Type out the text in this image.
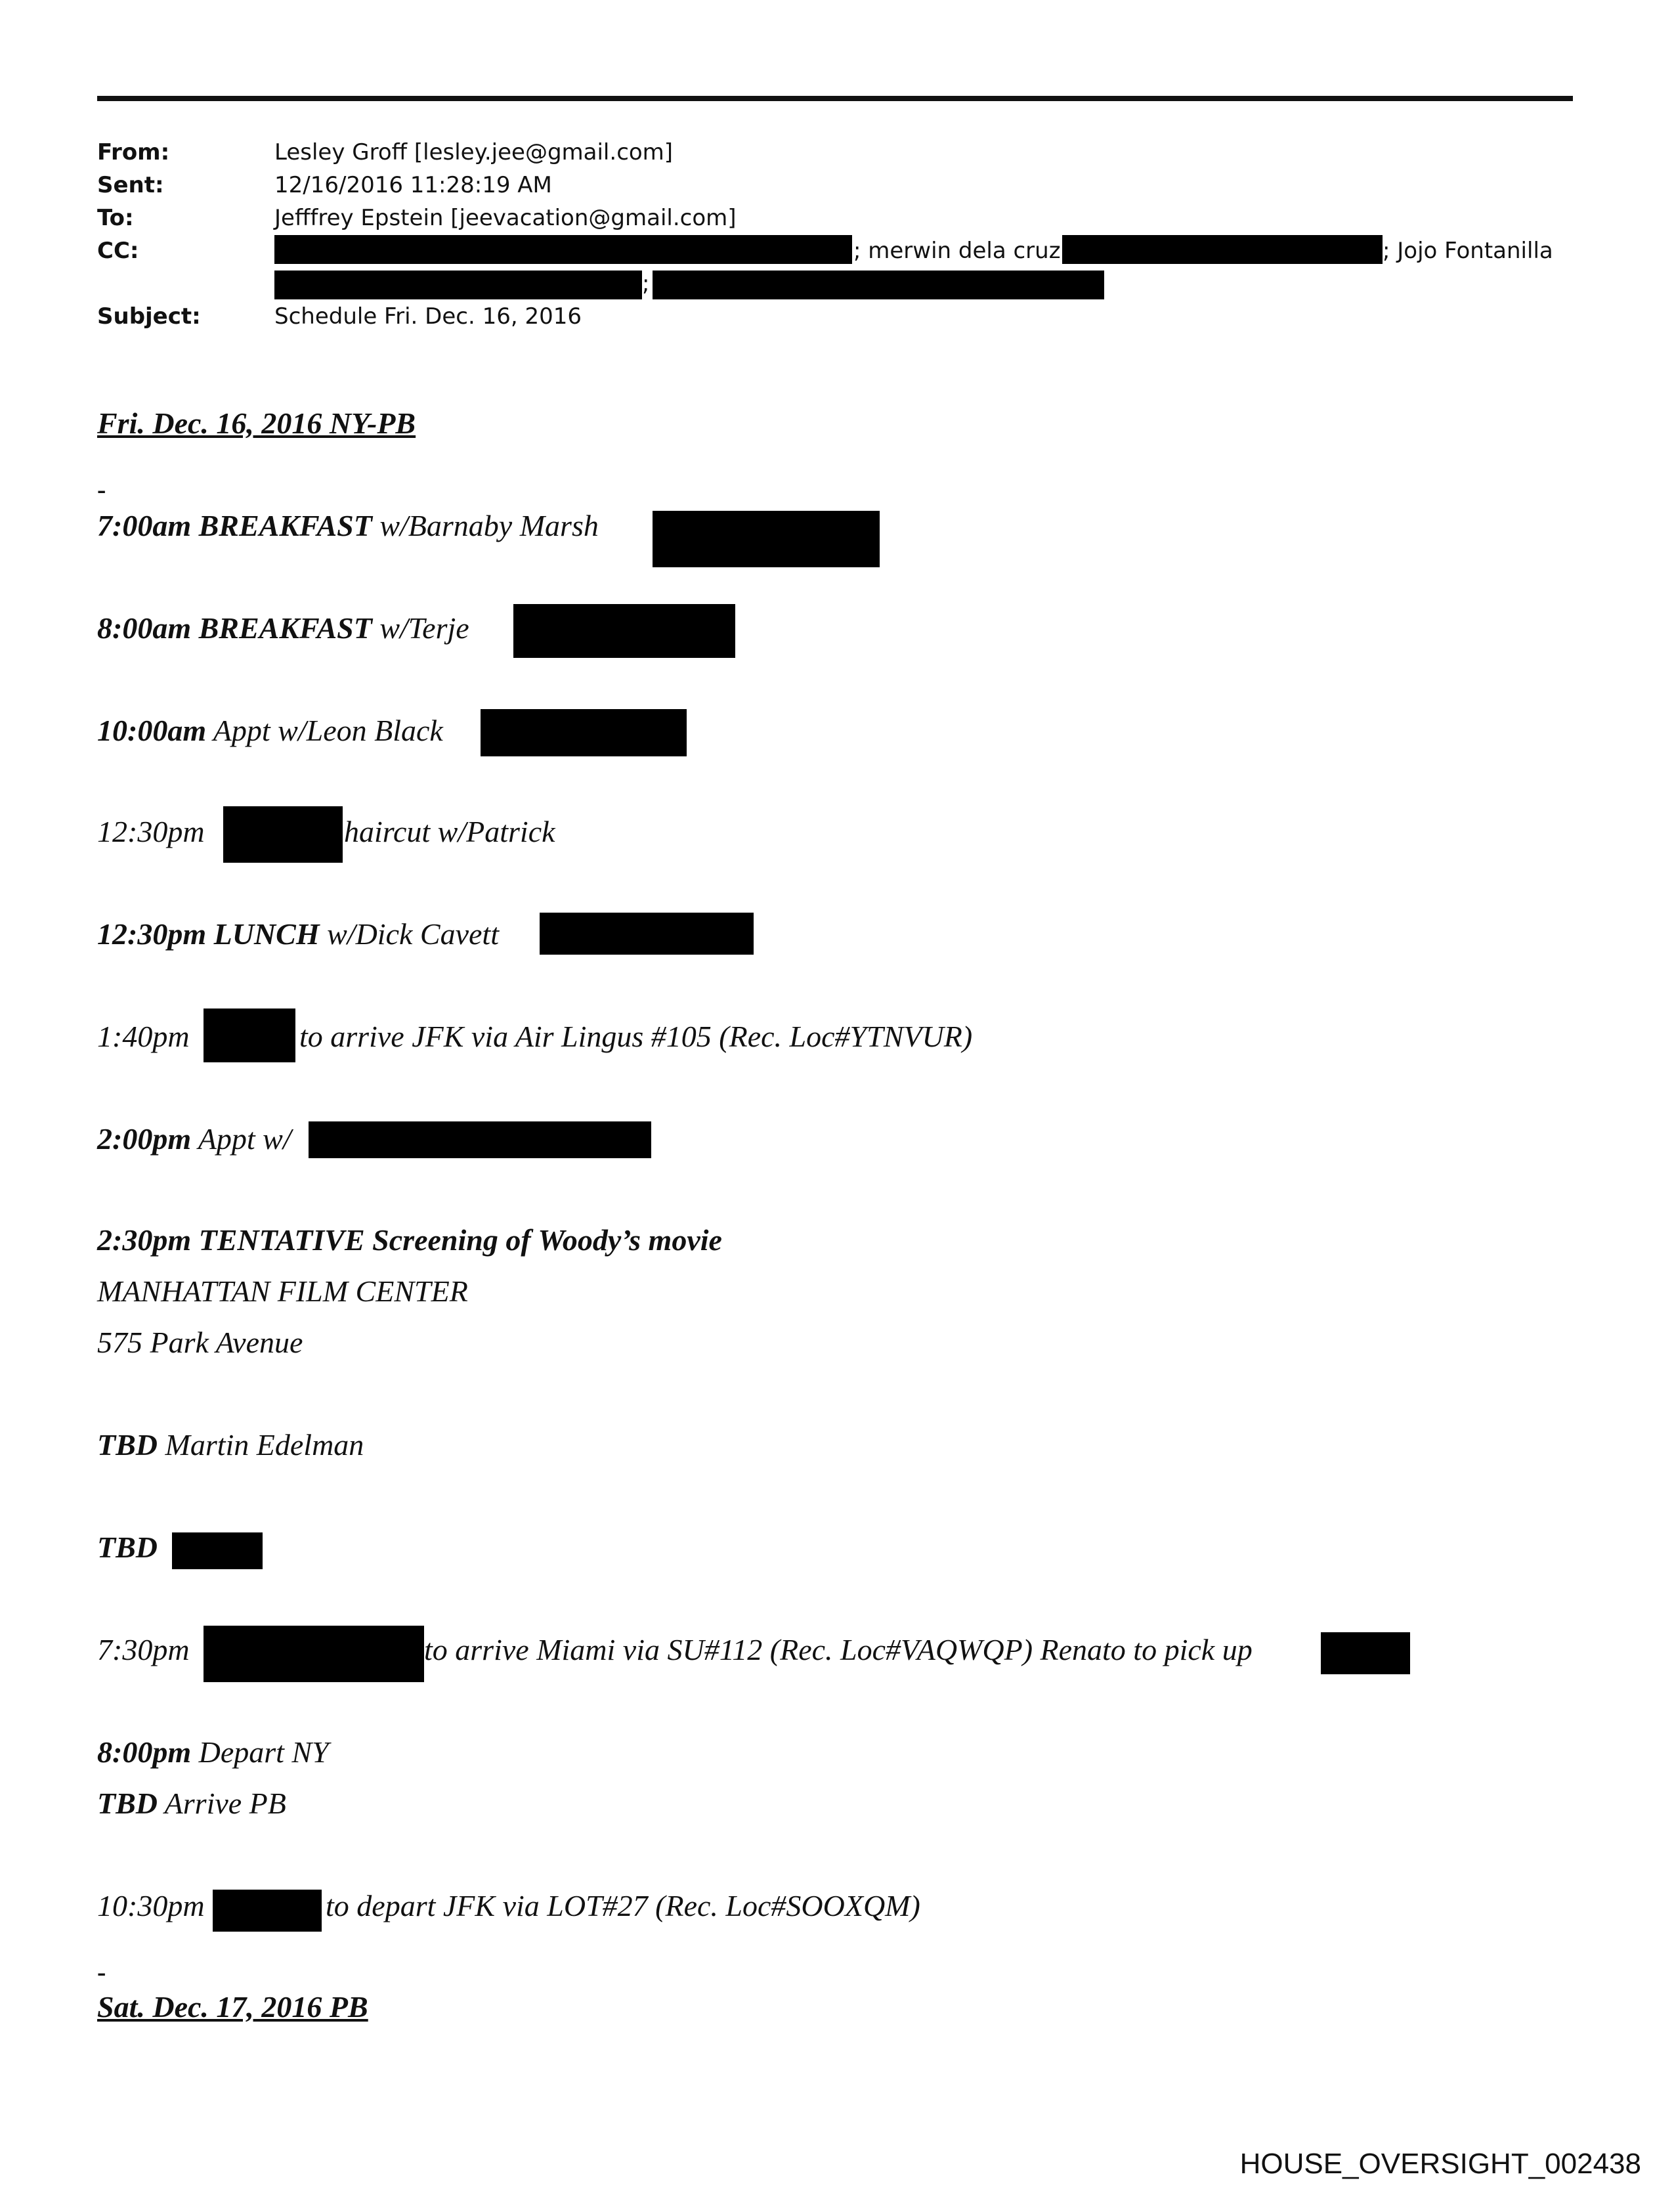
From:	Lesley Groff [lesley.jee@gmail.com]
Sent:	12/16/2016 11:28:19 AM
To:	Jefffrey Epstein [jeevacation@gmail.com]
CC:	; merwin dela cruz	; Jojo Fontanilla
;
Subject:	Schedule Fri. Dec. 16, 2016
Fri. Dec. 16, 2016 NY-PB
-
7:00am BREAKFAST w/Barnaby Marsh
8:00am BREAKFAST w/Terje
10:00am Appt w/Leon Black
12:30pm	haircut w/Patrick
12:30pm LUNCH w/Dick Cavett
1:40pm	to arrive JFK via Air Lingus #105 (Rec. Loc#YTNVUR)
2:00pm Appt w/
2:30pm TENTATIVE Screening of Woody’s movie
MANHATTAN FILM CENTER
575 Park Avenue
TBD Martin Edelman
TBD
7:30pm	to arrive Miami via SU#112 (Rec. Loc#VAQWQP) Renato to pick up
8:00pm Depart NY
TBD Arrive PB
10:30pm	to depart JFK via LOT#27 (Rec. Loc#SOOXQM)
-
Sat. Dec. 17, 2016 PB
HOUSE_OVERSIGHT_002438
